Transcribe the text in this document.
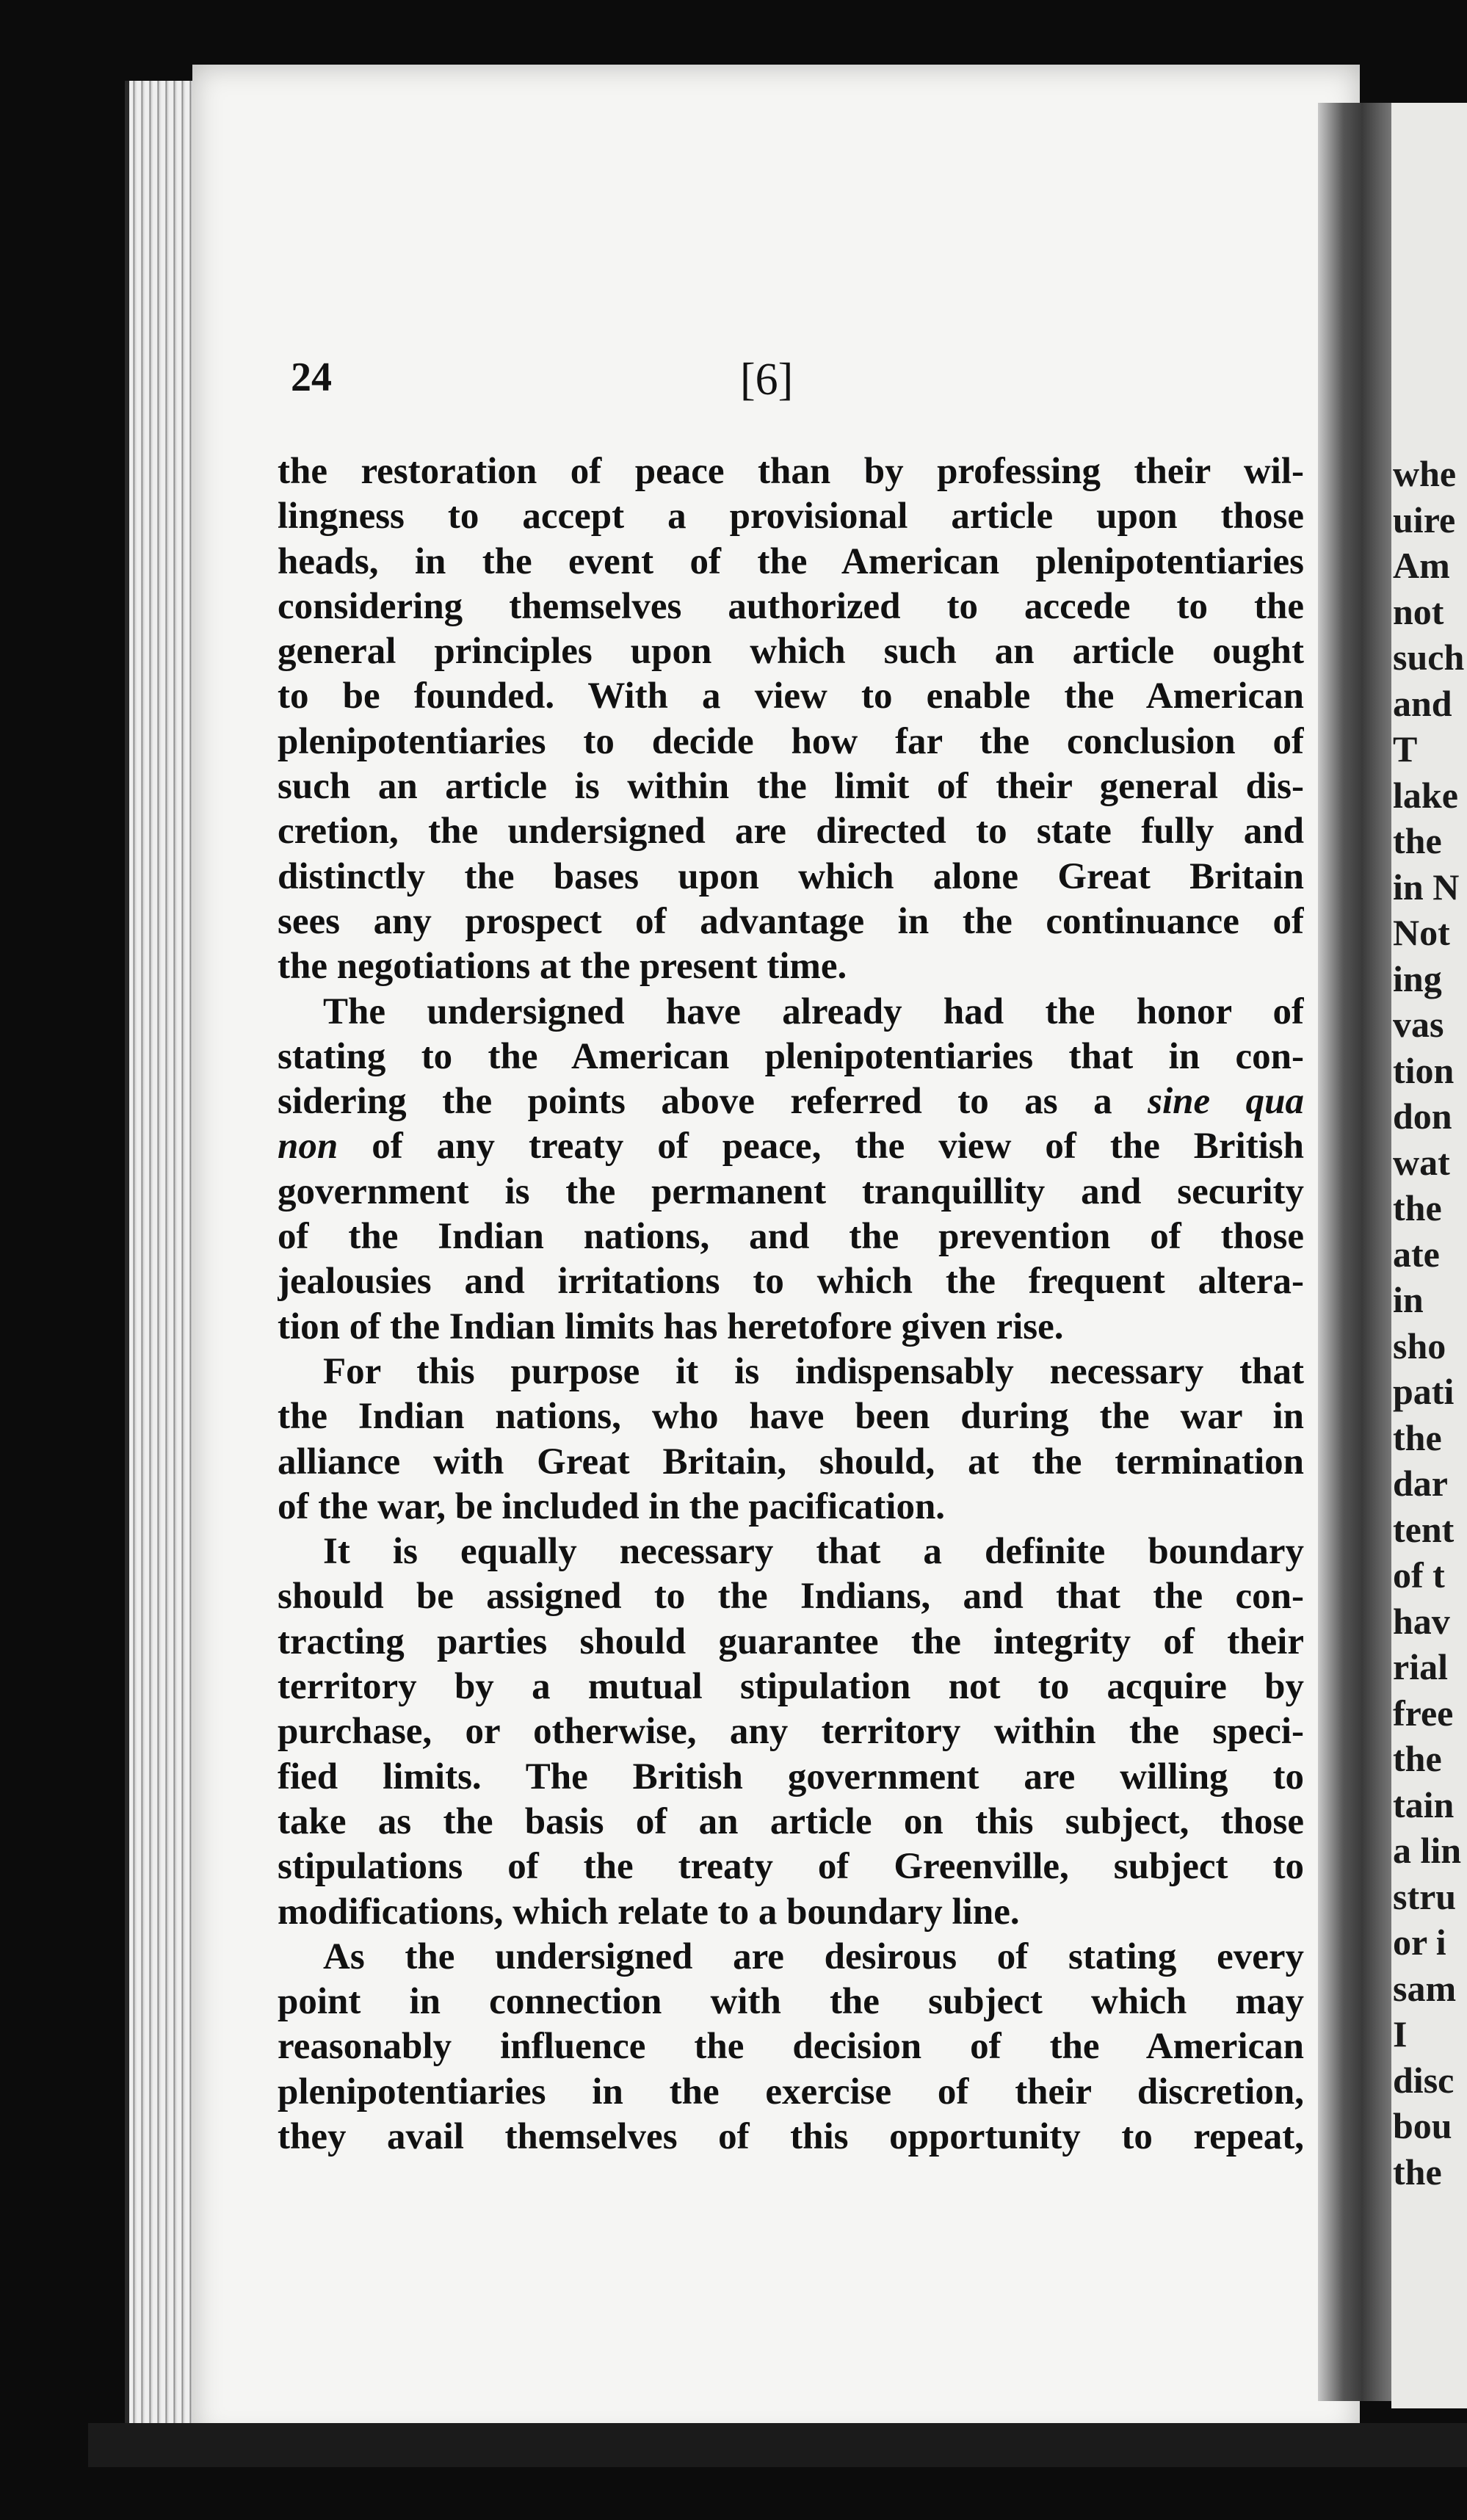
whe
uire
Am
not
such
and
T
lake
the
in N
Not
ing
vas
tion
don
wat
the
ate
in
sho
pati
the
dar
tent
of t
hav
rial
free
the
tain
a lin
stru
or i
sam
I
disc
bou
the
24	[6]
the restoration of peace than by professing their wil-
lingness to accept a provisional article upon those
heads, in the event of the American plenipotentiaries
considering themselves authorized to accede to the
general principles upon which such an article ought
to be founded. With a view to enable the American
plenipotentiaries to decide how far the conclusion of
such an article is within the limit of their general dis-
cretion, the undersigned are directed to state fully and
distinctly the bases upon which alone Great Britain
sees any prospect of advantage in the continuance of
the negotiations at the present time.
The undersigned have already had the honor of
stating to the American plenipotentiaries that in con-
sidering the points above referred to as a sine qua
non of any treaty of peace, the view of the British
government is the permanent tranquillity and security
of the Indian nations, and the prevention of those
jealousies and irritations to which the frequent altera-
tion of the Indian limits has heretofore given rise.
For this purpose it is indispensably necessary that
the Indian nations, who have been during the war in
alliance with Great Britain, should, at the termination
of the war, be included in the pacification.
It is equally necessary that a definite boundary
should be assigned to the Indians, and that the con-
tracting parties should guarantee the integrity of their
territory by a mutual stipulation not to acquire by
purchase, or otherwise, any territory within the speci-
fied limits. The British government are willing to
take as the basis of an article on this subject, those
stipulations of the treaty of Greenville, subject to
modifications, which relate to a boundary line.
As the undersigned are desirous of stating every
point in connection with the subject which may
reasonably influence the decision of the American
plenipotentiaries in the exercise of their discretion,
they avail themselves of this opportunity to repeat,
